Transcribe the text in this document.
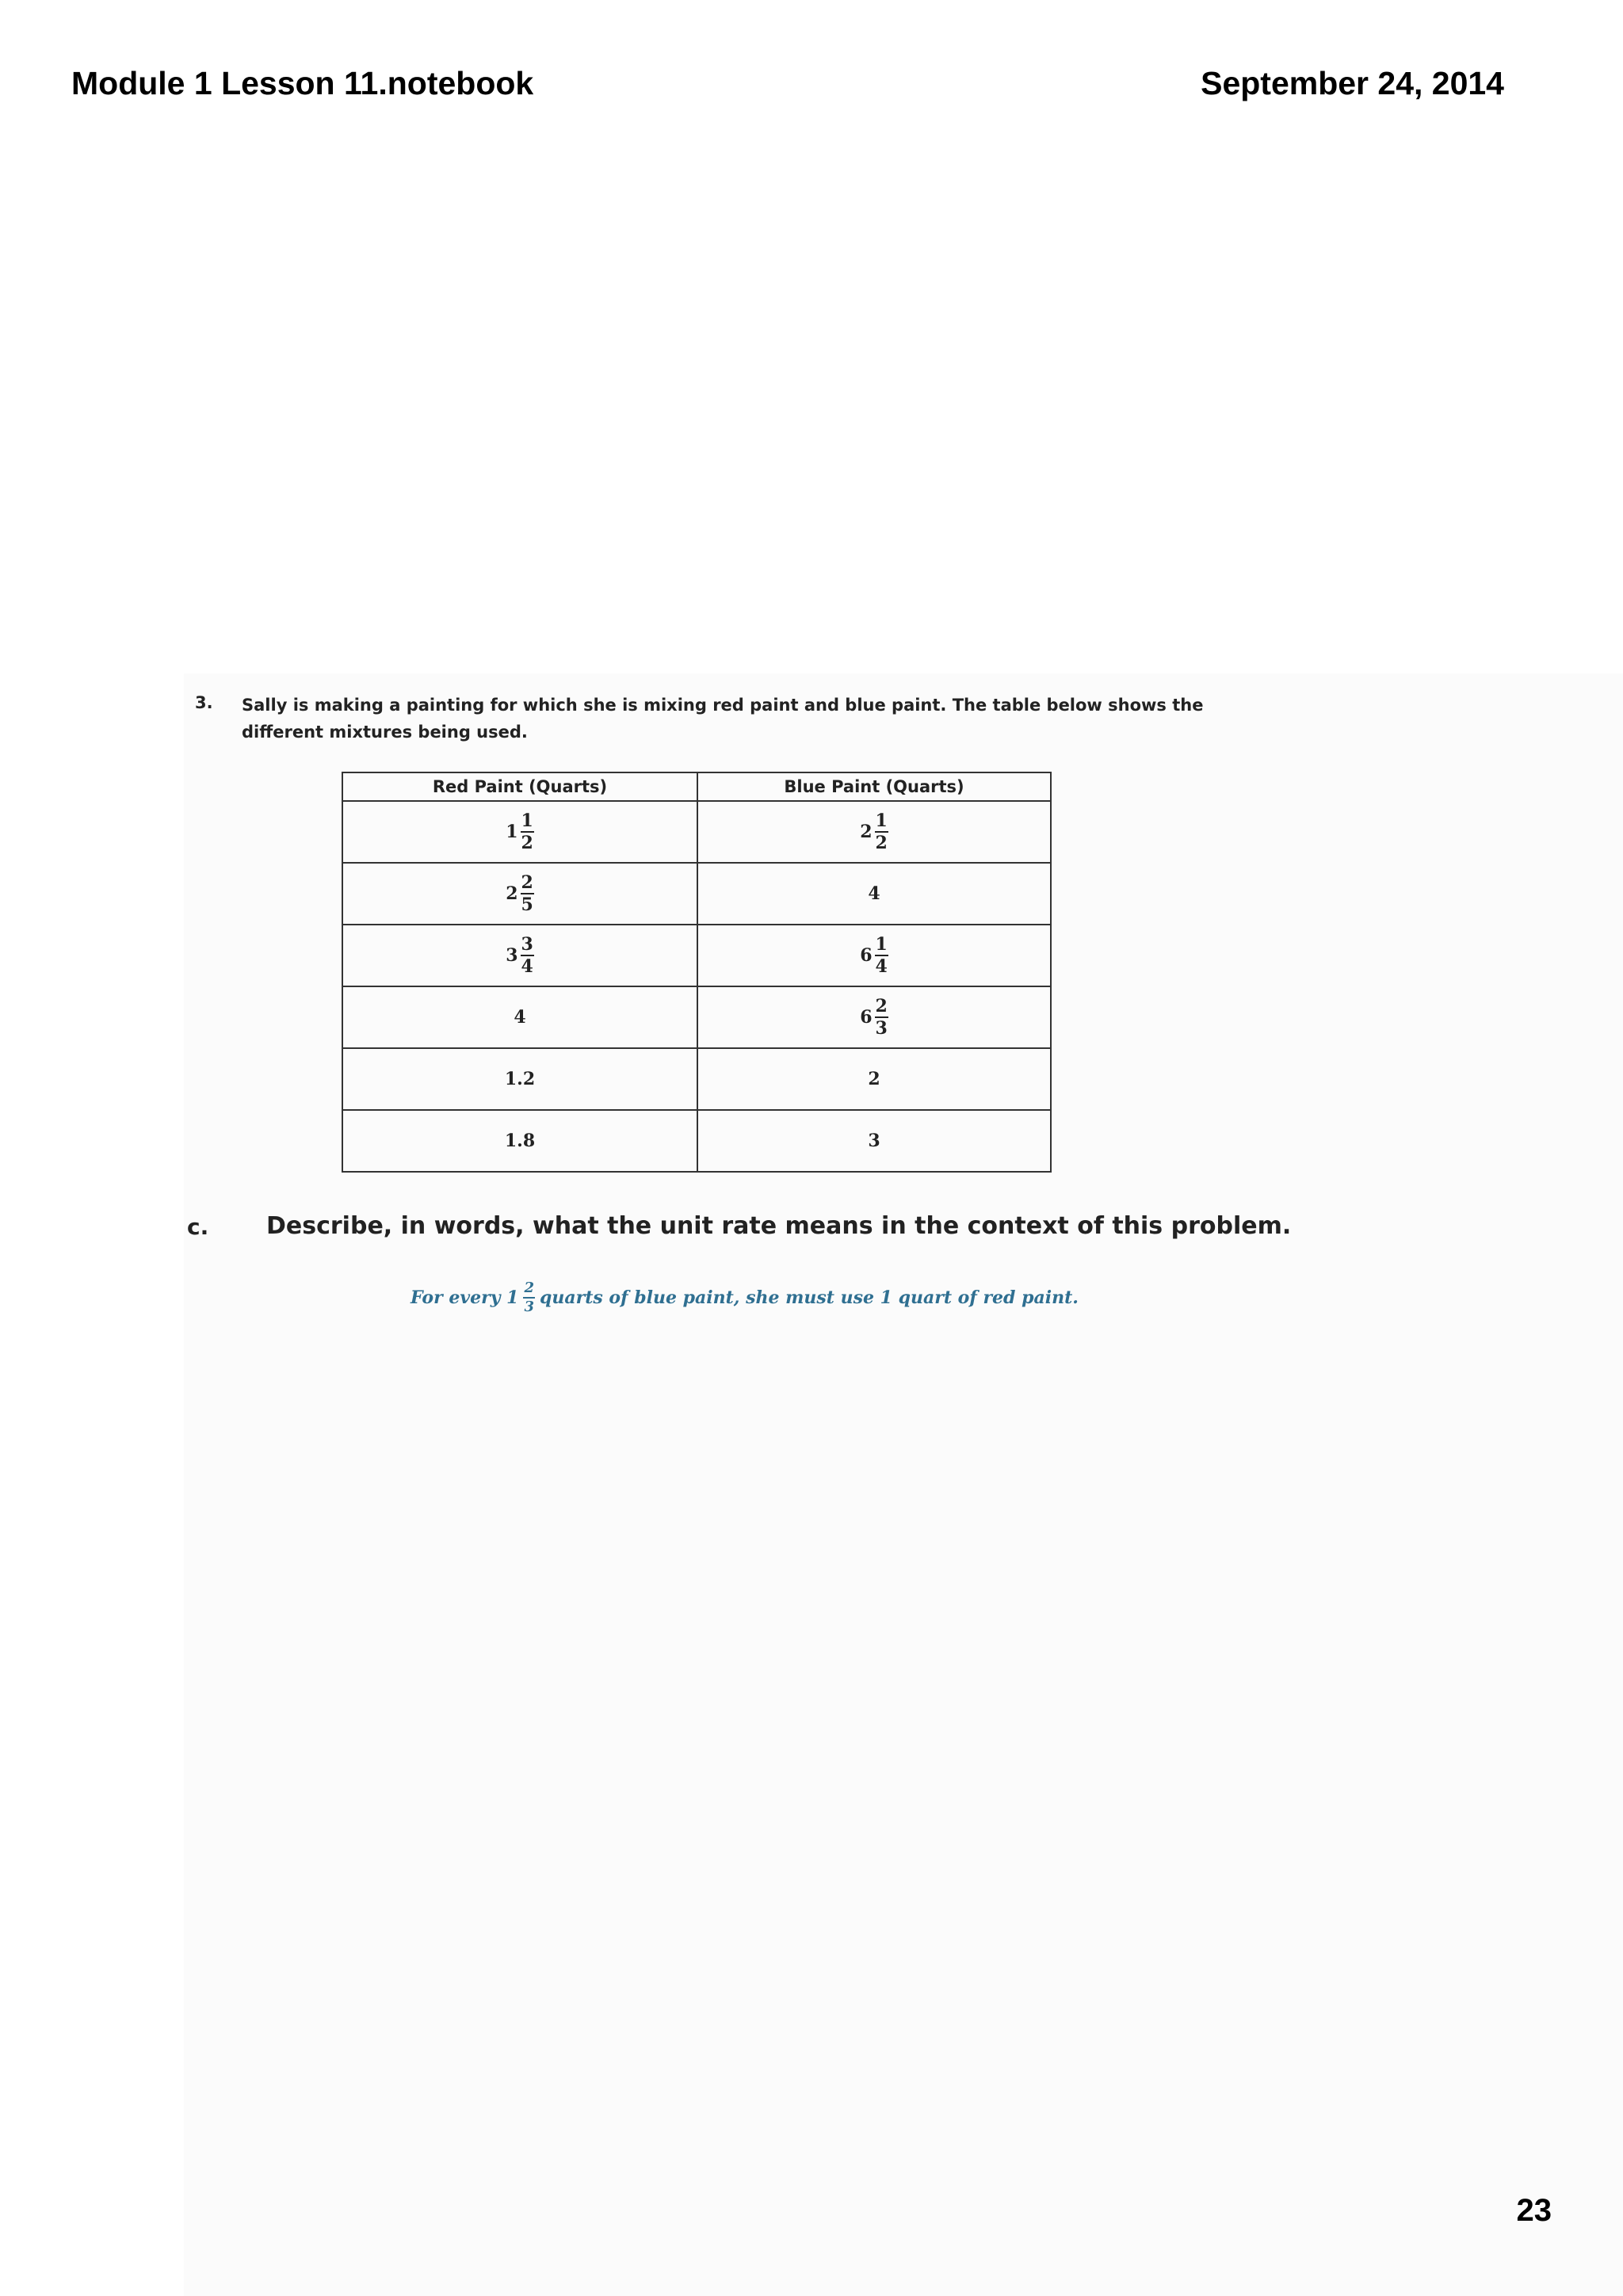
Module 1 Lesson 11.notebook	September 24, 2014
3. Sally is making a painting for which she is mixing red paint and blue paint. The table below shows the different mixtures being used.
Red Paint (Quarts)	Blue Paint (Quarts)

$1 \frac{1}{2}$	$2 \frac{1}{2}$

$2 \frac{2}{5}$	4

$3 \frac{3}{4}$	$6 \frac{1}{4}$

4	$6 \frac{2}{3}$

1.2	2
1.8	3
c. Describe, in words, what the unit rate means in the context of this problem.
For every $1 \frac{2}{3}$ quarts of blue paint, she must use 1 quart of red paint.
23
